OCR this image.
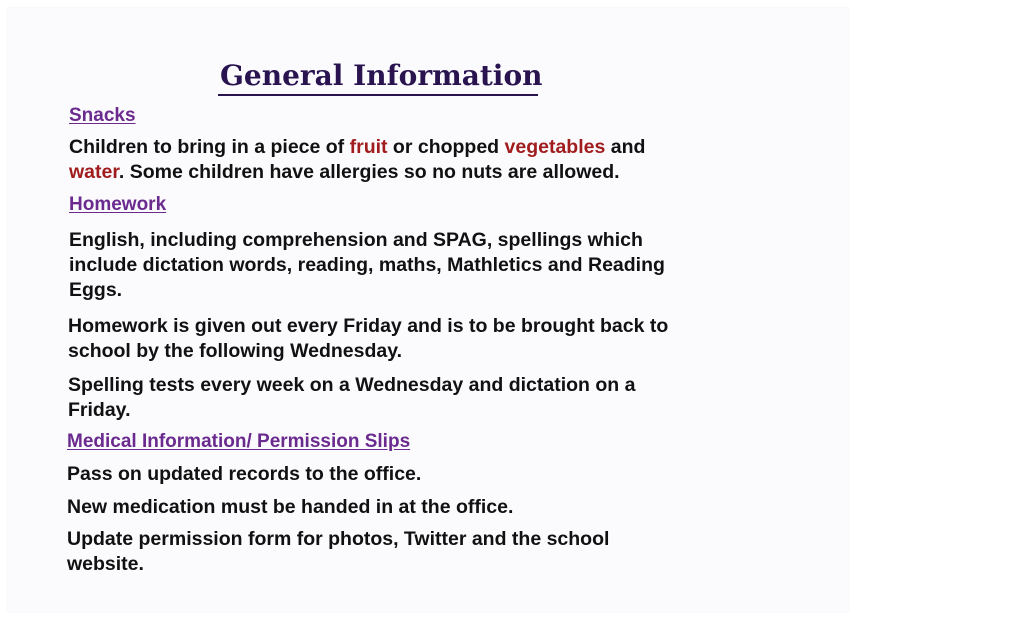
General Information
Snacks

Children to bring in a piece of fruit or chopped vegetables and
water. Some children have allergies so no nuts are allowed.

Homework

English, including comprehension and SPAG, spellings which
include dictation words, reading, maths, Mathletics and Reading
Eggs.

Homework is given out every Friday and is to be brought back to
school by the following Wednesday.

Spelling tests every week on a Wednesday and dictation on a
Friday.

Medical Information/ Permission Slips

Pass on updated records to the office.

New medication must be handed in at the office.

Update permission form for photos, Twitter and the school
website.
